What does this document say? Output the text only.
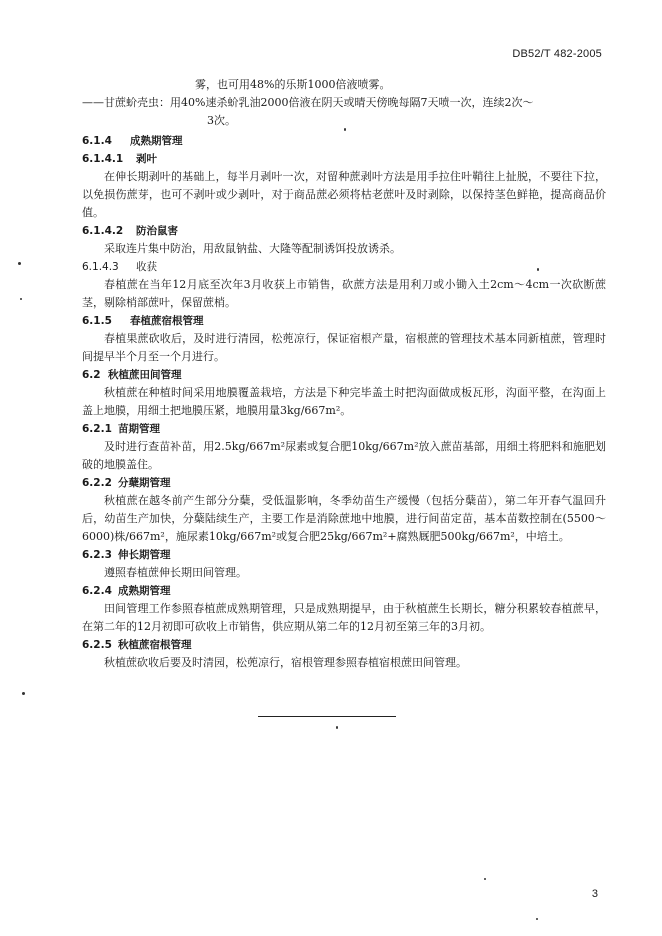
DB52/T 482-2005

雾，也可用48%的乐斯1000倍液喷雾。

——甘蔗蚧壳虫：用40%速杀蚧乳油2000倍液在阴天或晴天傍晚每隔7天喷一次，连续2次～

3次。

6.1.4 成熟期管理

6.1.4.1 剥叶

在伸长期剥叶的基础上，每半月剥叶一次，对留种蔗剥叶方法是用手拉住叶鞘往上扯脱，不要往下拉，以免损伤蔗芽，也可不剥叶或少剥叶，对于商品蔗必须将枯老蔗叶及时剥除，以保持茎色鲜艳，提高商品价值。

6.1.4.2 防治鼠害

采取连片集中防治，用敌鼠钠盐、大隆等配制诱饵投放诱杀。

6.1.4.3 收获

春植蔗在当年12月底至次年3月收获上市销售，砍蔗方法是用利刀或小锄入土2cm～4cm一次砍断蔗茎，剔除梢部蔗叶，保留蔗梢。

6.1.5 春植蔗宿根管理

春植果蔗砍收后，及时进行清园，松蔸凉行，保证宿根产量，宿根蔗的管理技术基本同新植蔗，管理时间提早半个月至一个月进行。

6.2 秋植蔗田间管理

秋植蔗在种植时间采用地膜覆盖栽培，方法是下种完毕盖土时把沟面做成板瓦形，沟面平整，在沟面上盖上地膜，用细土把地膜压紧，地膜用量3kg/667m²。

6.2.1 苗期管理

及时进行查苗补苗，用2.5kg/667m²尿素或复合肥10kg/667m²放入蔗苗基部，用细土将肥料和施肥划破的地膜盖住。

6.2.2 分蘖期管理

秋植蔗在越冬前产生部分分蘖，受低温影响，冬季幼苗生产缓慢（包括分蘖苗），第二年开春气温回升后，幼苗生产加快，分蘖陆续生产，主要工作是消除蔗地中地膜，进行间苗定苗，基本苗数控制在(5500～6000)株/667m²，施尿素10kg/667m²或复合肥25kg/667m²+腐熟厩肥500kg/667m²，中培土。

6.2.3 伸长期管理

遵照春植蔗伸长期田间管理。

6.2.4 成熟期管理

田间管理工作参照春植蔗成熟期管理，只是成熟期提早，由于秋植蔗生长期长，糖分积累较春植蔗早，在第二年的12月初即可砍收上市销售，供应期从第二年的12月初至第三年的3月初。

6.2.5 秋植蔗宿根管理

秋植蔗砍收后要及时清园，松蔸凉行，宿根管理参照春植宿根蔗田间管理。

3
